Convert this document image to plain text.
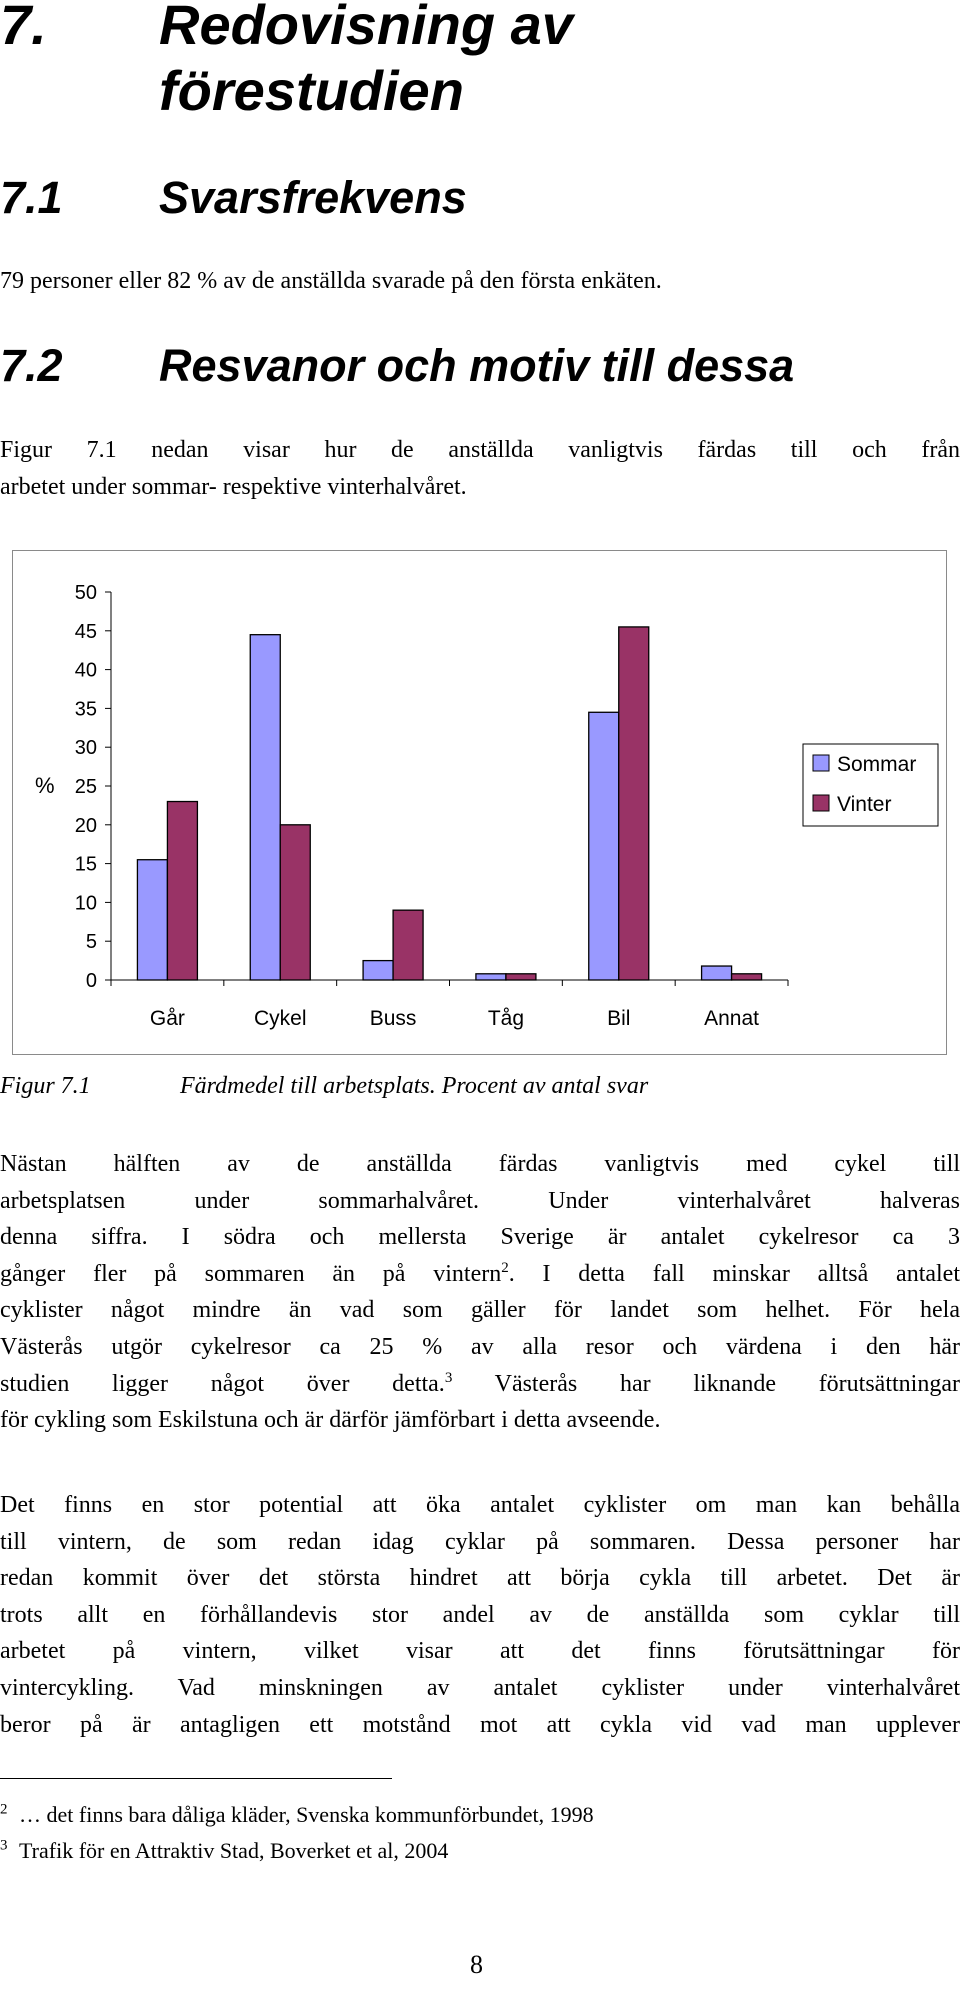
7. Redovisning av
förestudien
7.1 Svarsfrekvens
79 personer eller 82 % av de anställda svarade på den första enkäten.
7.2 Resvanor och motiv till dessa
Figur 7.1 nedan visar hur de anställda vanligtvis färdas till och från
arbetet under sommar- respektive vinterhalvåret.
0
5
10
15
20
25
30
35
40
45
50
%
Går	Cykel	Buss	Tåg	Bil	Annat
Sommar
Vinter
Figur 7.1	Färdmedel till arbetsplats. Procent av antal svar
Nästan hälften av de anställda färdas vanligtvis med cykel till
arbetsplatsen under sommarhalvåret. Under vinterhalvåret halveras
denna siffra. I södra och mellersta Sverige är antalet cykelresor ca 3
gånger fler på sommaren än på vintern$^2$. I detta fall minskar alltså antalet
cyklister något mindre än vad som gäller för landet som helhet. För hela
Västerås utgör cykelresor ca 25 % av alla resor och värdena i den här
studien ligger något över detta.$^3$ Västerås har liknande förutsättningar
för cykling som Eskilstuna och är därför jämförbart i detta avseende.
Det finns en stor potential att öka antalet cyklister om man kan behålla
till vintern, de som redan idag cyklar på sommaren. Dessa personer har
redan kommit över det största hindret att börja cykla till arbetet. Det är
trots allt en förhållandevis stor andel av de anställda som cyklar till
arbetet på vintern, vilket visar att det finns förutsättningar för
vintercykling. Vad minskningen av antalet cyklister under vinterhalvåret
beror på är antagligen ett motstånd mot att cykla vid vad man upplever
$^2$ … det finns bara dåliga kläder, Svenska kommunförbundet, 1998
$^3$ Trafik för en Attraktiv Stad, Boverket et al, 2004
8
